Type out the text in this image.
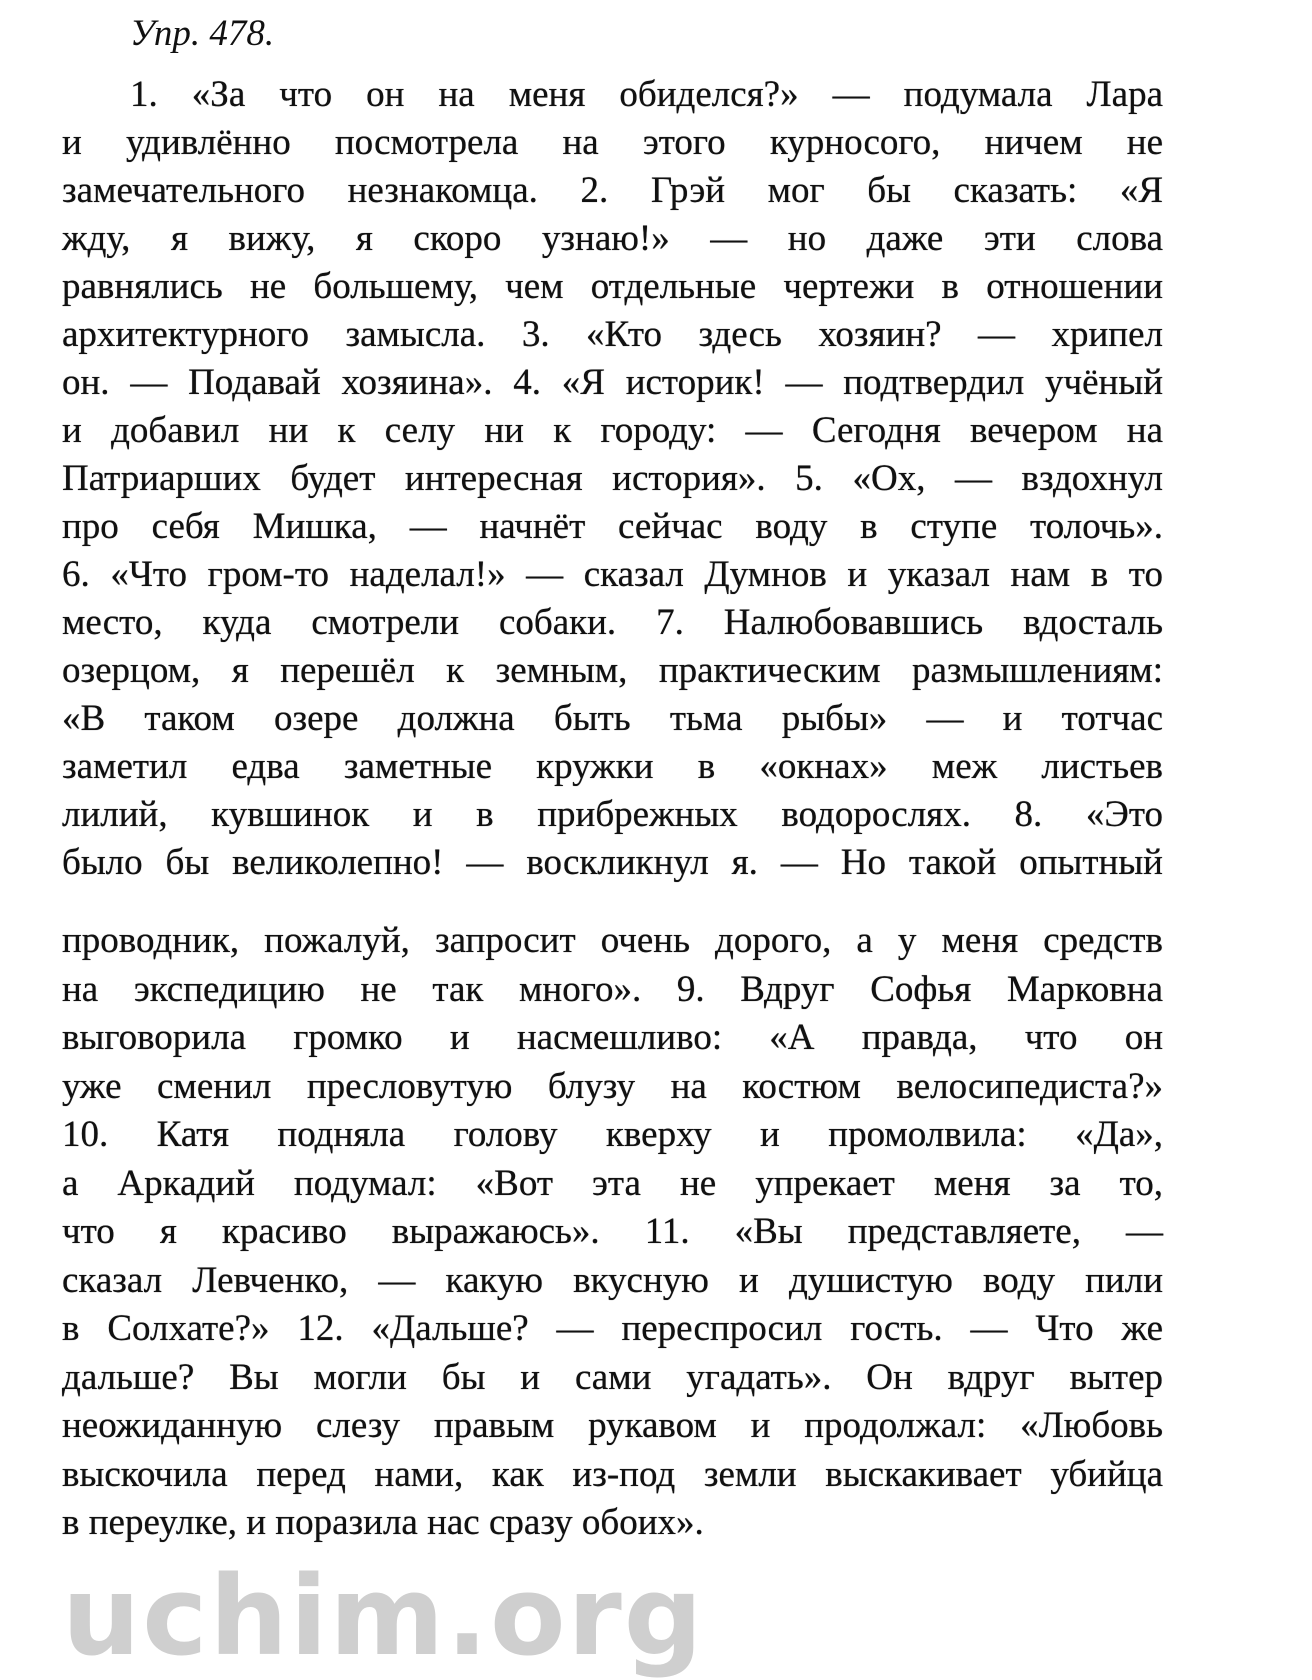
uchim.org
Упр. 478.
1. «За что он на меня обиделся?» — подумала Лара
и удивлённо посмотрела на этого курносого, ничем не
замечательного незнакомца. 2. Грэй мог бы сказать: «Я
жду, я вижу, я скоро узнаю!» — но даже эти слова
равнялись не большему, чем отдельные чертежи в отношении
архитектурного замысла. 3. «Кто здесь хозяин? — хрипел
он. — Подавай хозяина». 4. «Я историк! — подтвердил учёный
и добавил ни к селу ни к городу: — Сегодня вечером на
Патриарших будет интересная история». 5. «Ох, — вздохнул
про себя Мишка, — начнёт сейчас воду в ступе толочь».
6. «Что гром-то наделал!» — сказал Думнов и указал нам в то
место, куда смотрели собаки. 7. Налюбовавшись вдосталь
озерцом, я перешёл к земным, практическим размышлениям:
«В таком озере должна быть тьма рыбы» — и тотчас
заметил едва заметные кружки в «окнах» меж листьев
лилий, кувшинок и в прибрежных водорослях. 8. «Это
было бы великолепно! — воскликнул я. — Но такой опытный
проводник, пожалуй, запросит очень дорого, а у меня средств
на экспедицию не так много». 9. Вдруг Софья Марковна
выговорила громко и насмешливо: «А правда, что он
уже сменил пресловутую блузу на костюм велосипедиста?»
10. Катя подняла голову кверху и промолвила: «Да»,
а Аркадий подумал: «Вот эта не упрекает меня за то,
что я красиво выражаюсь». 11. «Вы представляете, —
сказал Левченко, — какую вкусную и душистую воду пили
в Солхате?» 12. «Дальше? — переспросил гость. — Что же
дальше? Вы могли бы и сами угадать». Он вдруг вытер
неожиданную слезу правым рукавом и продолжал: «Любовь
выскочила перед нами, как из-под земли выскакивает убийца
в переулке, и поразила нас сразу обоих».
